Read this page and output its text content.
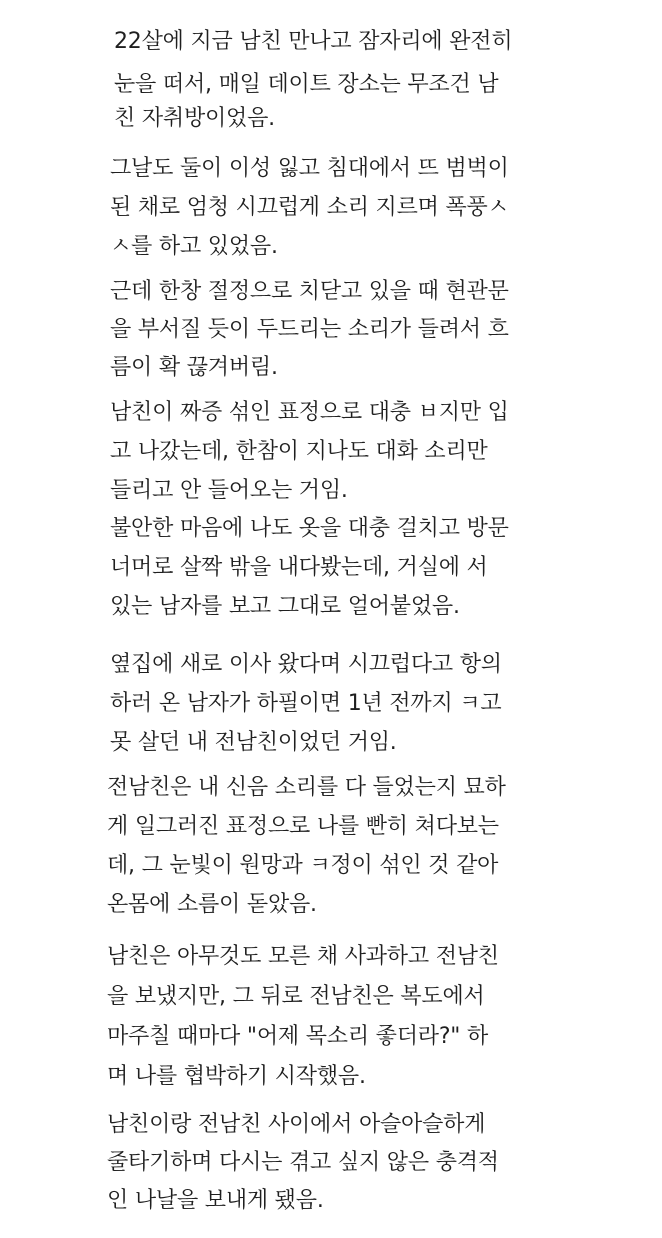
22살에 지금 남친 만나고 잠자리에 완전히
눈을 떠서, 매일 데이트 장소는 무조건 남
친 자취방이었음.
그날도 둘이 이성 잃고 침대에서 뜨 범벅이
된 채로 엄청 시끄럽게 소리 지르며 폭풍ㅅ
ㅅ를 하고 있었음.
근데 한창 절정으로 치닫고 있을 때 현관문
을 부서질 듯이 두드리는 소리가 들려서 흐
름이 확 끊겨버림.
남친이 짜증 섞인 표정으로 대충 ㅂ지만 입
고 나갔는데, 한참이 지나도 대화 소리만
들리고 안 들어오는 거임.
불안한 마음에 나도 옷을 대충 걸치고 방문
너머로 살짝 밖을 내다봤는데, 거실에 서
있는 남자를 보고 그대로 얼어붙었음.
옆집에 새로 이사 왔다며 시끄럽다고 항의
하러 온 남자가 하필이면 1년 전까지 ㅋ고
못 살던 내 전남친이었던 거임.
전남친은 내 신음 소리를 다 들었는지 묘하
게 일그러진 표정으로 나를 빤히 쳐다보는
데, 그 눈빛이 원망과 ㅋ정이 섞인 것 같아
온몸에 소름이 돋았음.
남친은 아무것도 모른 채 사과하고 전남친
을 보냈지만, 그 뒤로 전남친은 복도에서
마주칠 때마다 "어제 목소리 좋더라?" 하
며 나를 협박하기 시작했음.
남친이랑 전남친 사이에서 아슬아슬하게
줄타기하며 다시는 겪고 싶지 않은 충격적
인 나날을 보내게 됐음.
